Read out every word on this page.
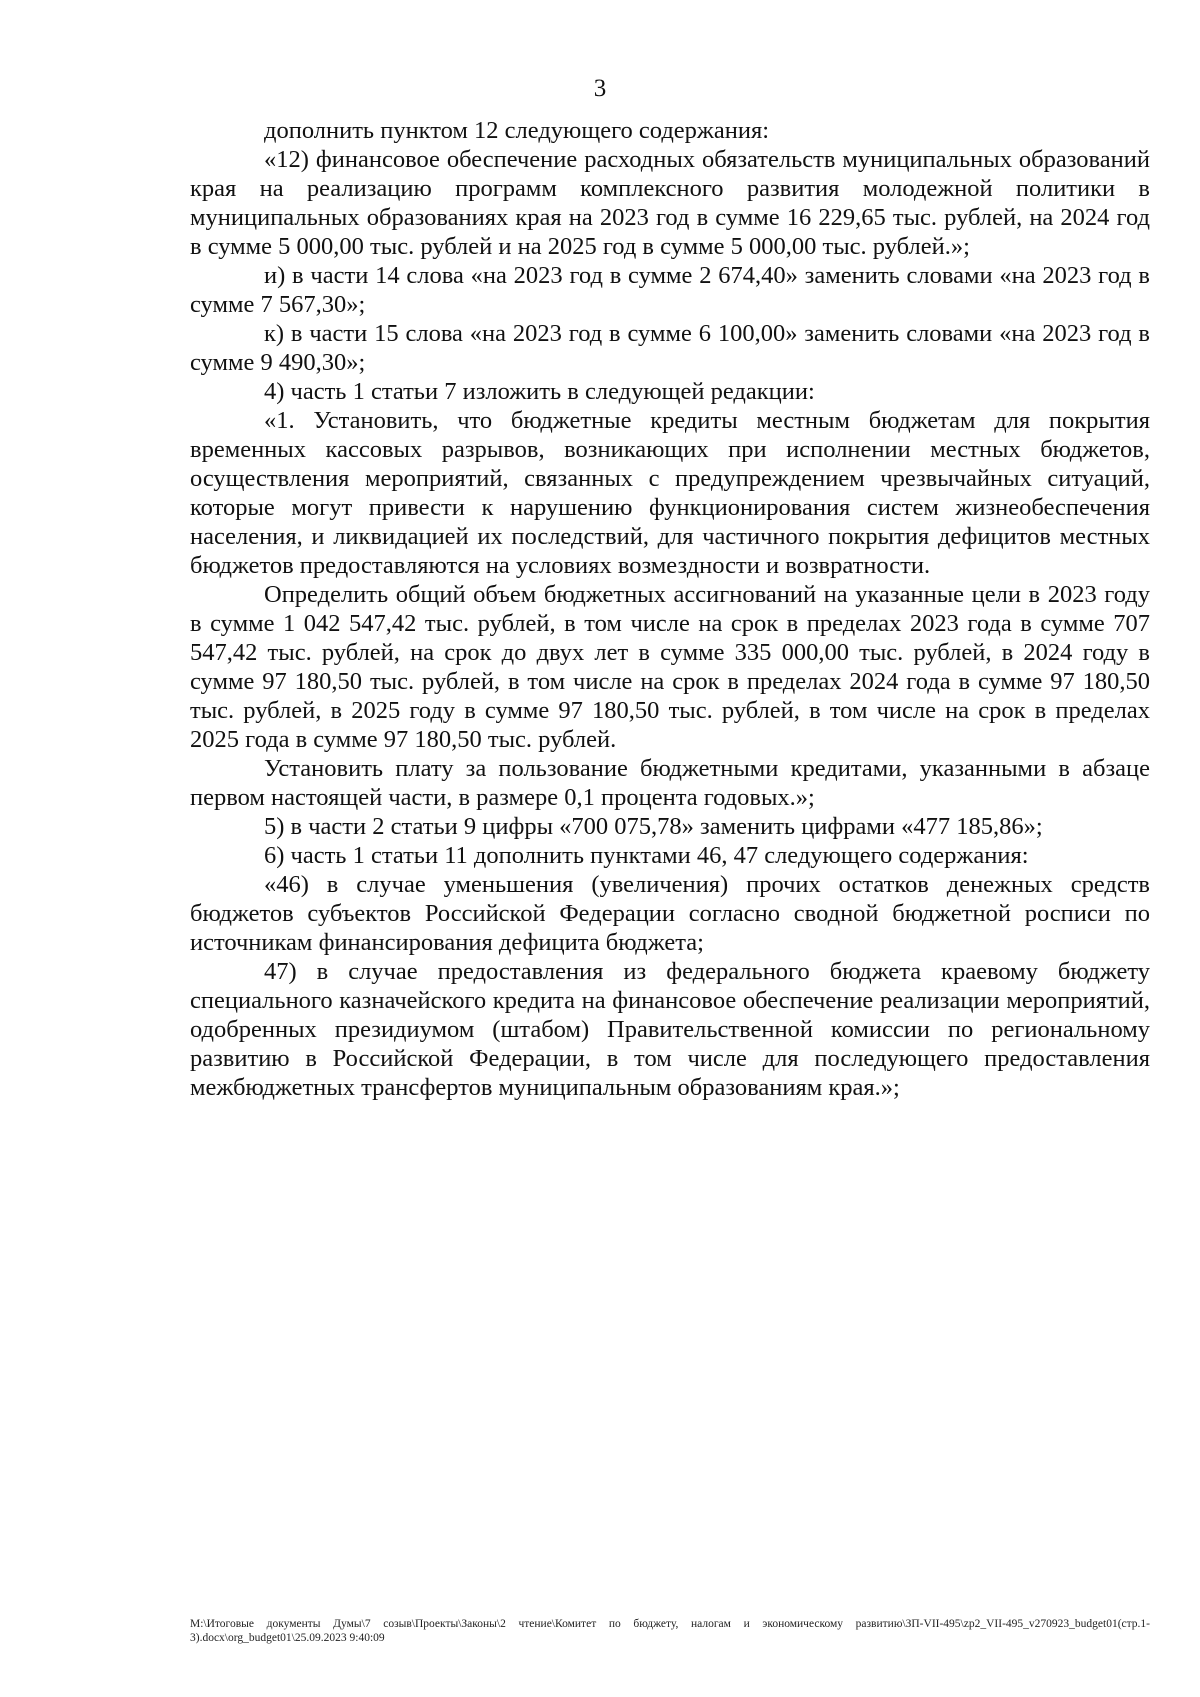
3

дополнить пунктом 12 следующего содержания:

«12) финансовое обеспечение расходных обязательств муниципальных образований края на реализацию программ комплексного развития молодежной политики в муниципальных образованиях края на 2023 год в сумме 16 229,65 тыс. рублей, на 2024 год в сумме 5 000,00 тыс. рублей и на 2025 год в сумме 5 000,00 тыс. рублей.»;

и) в части 14 слова «на 2023 год в сумме 2 674,40» заменить словами «на 2023 год в сумме 7 567,30»;

к) в части 15 слова «на 2023 год в сумме 6 100,00» заменить словами «на 2023 год в сумме 9 490,30»;

4) часть 1 статьи 7 изложить в следующей редакции:

«1. Установить, что бюджетные кредиты местным бюджетам для покрытия временных кассовых разрывов, возникающих при исполнении местных бюджетов, осуществления мероприятий, связанных с предупреждением чрезвычайных ситуаций, которые могут привести к нарушению функционирования систем жизнеобеспечения населения, и ликвидацией их последствий, для частичного покрытия дефицитов местных бюджетов предоставляются на условиях возмездности и возвратности.

Определить общий объем бюджетных ассигнований на указанные цели в 2023 году в сумме 1 042 547,42 тыс. рублей, в том числе на срок в пределах 2023 года в сумме 707 547,42 тыс. рублей, на срок до двух лет в сумме 335 000,00 тыс. рублей, в 2024 году в сумме 97 180,50 тыс. рублей, в том числе на срок в пределах 2024 года в сумме 97 180,50 тыс. рублей, в 2025 году в сумме 97 180,50 тыс. рублей, в том числе на срок в пределах 2025 года в сумме 97 180,50 тыс. рублей.

Установить плату за пользование бюджетными кредитами, указанными в абзаце первом настоящей части, в размере 0,1 процента годовых.»;

5) в части 2 статьи 9 цифры «700 075,78» заменить цифрами «477 185,86»;

6) часть 1 статьи 11 дополнить пунктами 46, 47 следующего содержания:

«46) в случае уменьшения (увеличения) прочих остатков денежных средств бюджетов субъектов Российской Федерации согласно сводной бюджетной росписи по источникам финансирования дефицита бюджета;

47) в случае предоставления из федерального бюджета краевому бюджету специального казначейского кредита на финансовое обеспечение реализации мероприятий, одобренных президиумом (штабом) Правительственной комиссии по региональному развитию в Российской Федерации, в том числе для последующего предоставления межбюджетных трансфертов муниципальным образованиям края.»;

M:\Итоговые документы Думы\7 созыв\Проекты\Законы\2 чтение\Комитет по бюджету, налогам и экономическому развитию\ЗП-VII-495\zp2_VII-495_v270923_budget01(стр.1-3).docx\org_budget01\25.09.2023 9:40:09
